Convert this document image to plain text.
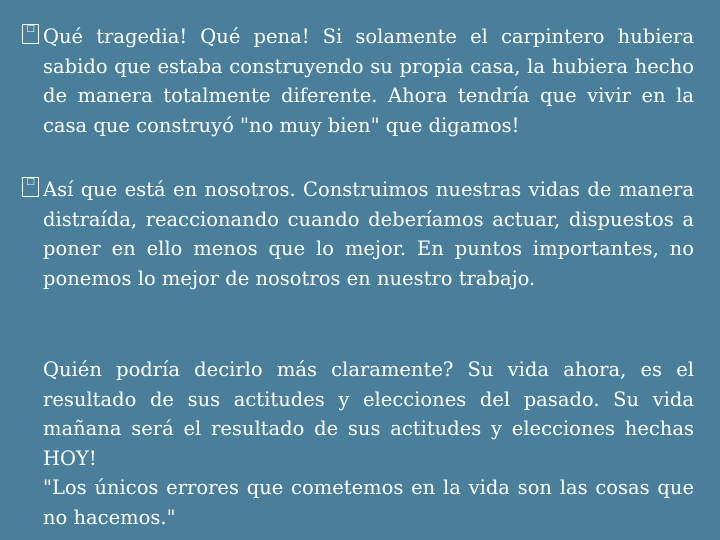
□ Qué tragedia! Qué pena! Si solamente el carpintero hubiera sabido que estaba construyendo su propia casa, la hubiera hecho de manera totalmente diferente. Ahora tendría que vivir en la casa que construyó "no muy bien" que digamos!
□ Así que está en nosotros. Construimos nuestras vidas de manera distraída, reaccionando cuando deberíamos actuar, dispuestos a poner en ello menos que lo mejor. En puntos importantes, no ponemos lo mejor de nosotros en nuestro trabajo.
Quién podría decirlo más claramente? Su vida ahora, es el resultado de sus actitudes y elecciones del pasado. Su vida mañana será el resultado de sus actitudes y elecciones hechas HOY!
"Los únicos errores que cometemos en la vida son las cosas que no hacemos."
